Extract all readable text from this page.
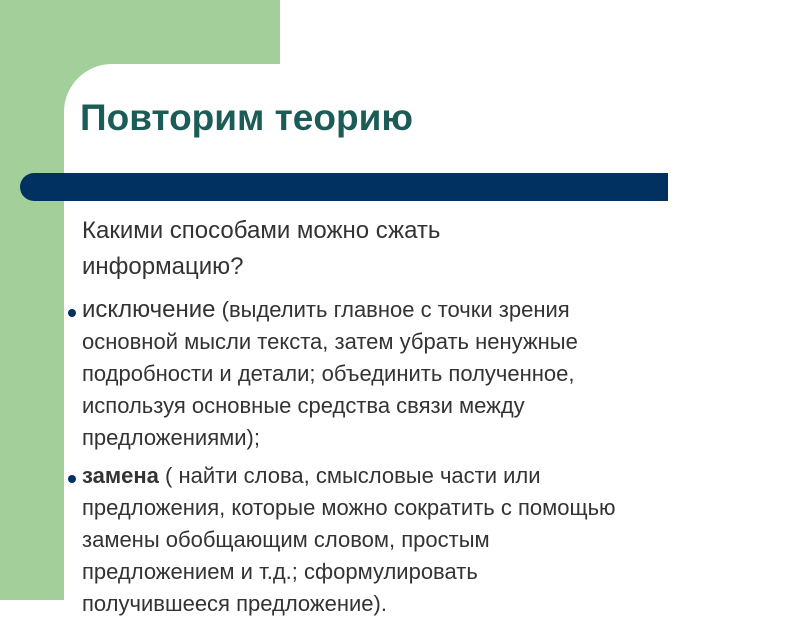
Повторим теорию
Какими способами можно сжать
информацию?
исключение (выделить главное с точки зрения
основной мысли текста, затем убрать ненужные
подробности и детали; объединить полученное,
используя основные средства связи между
предложениями);
замена ( найти слова, смысловые части или
предложения, которые можно сократить с помощью
замены обобщающим словом, простым
предложением и т.д.; сформулировать
получившееся предложение).
